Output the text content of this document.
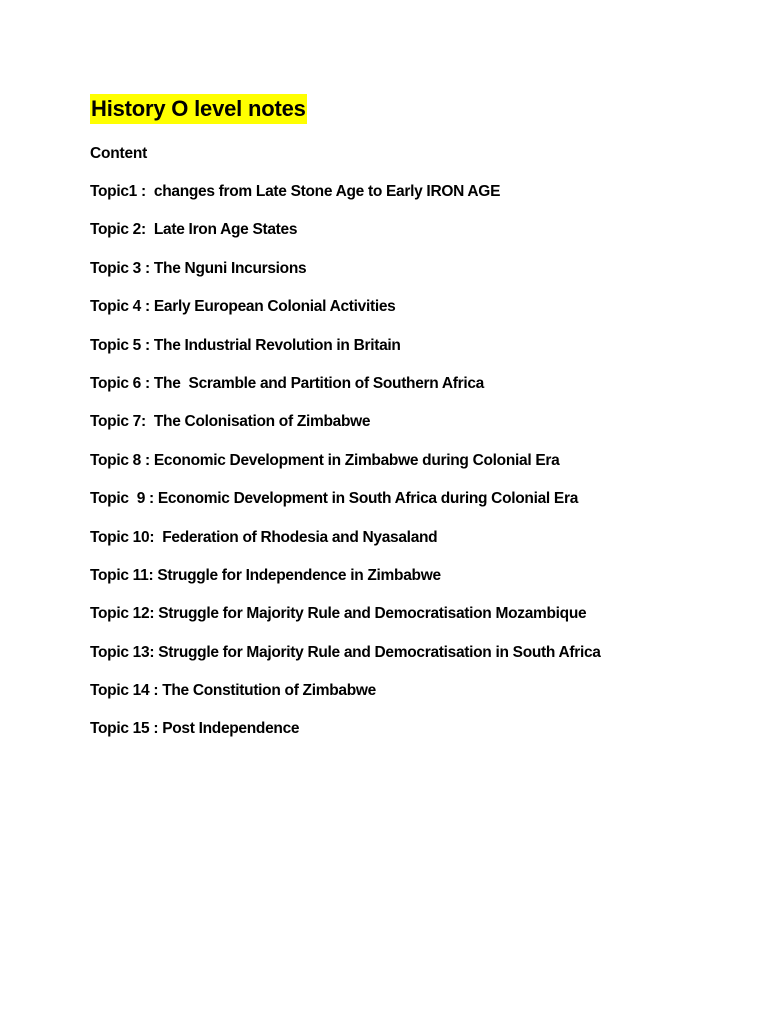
History O level notes
Content
Topic1 :  changes from Late Stone Age to Early IRON AGE
Topic 2:  Late Iron Age States
Topic 3 : The Nguni Incursions
Topic 4 : Early European Colonial Activities
Topic 5 : The Industrial Revolution in Britain
Topic 6 : The  Scramble and Partition of Southern Africa
Topic 7:  The Colonisation of Zimbabwe
Topic 8 : Economic Development in Zimbabwe during Colonial Era
Topic  9 : Economic Development in South Africa during Colonial Era
Topic 10:  Federation of Rhodesia and Nyasaland
Topic 11: Struggle for Independence in Zimbabwe
Topic 12: Struggle for Majority Rule and Democratisation Mozambique
Topic 13: Struggle for Majority Rule and Democratisation in South Africa
Topic 14 : The Constitution of Zimbabwe
Topic 15 : Post Independence
